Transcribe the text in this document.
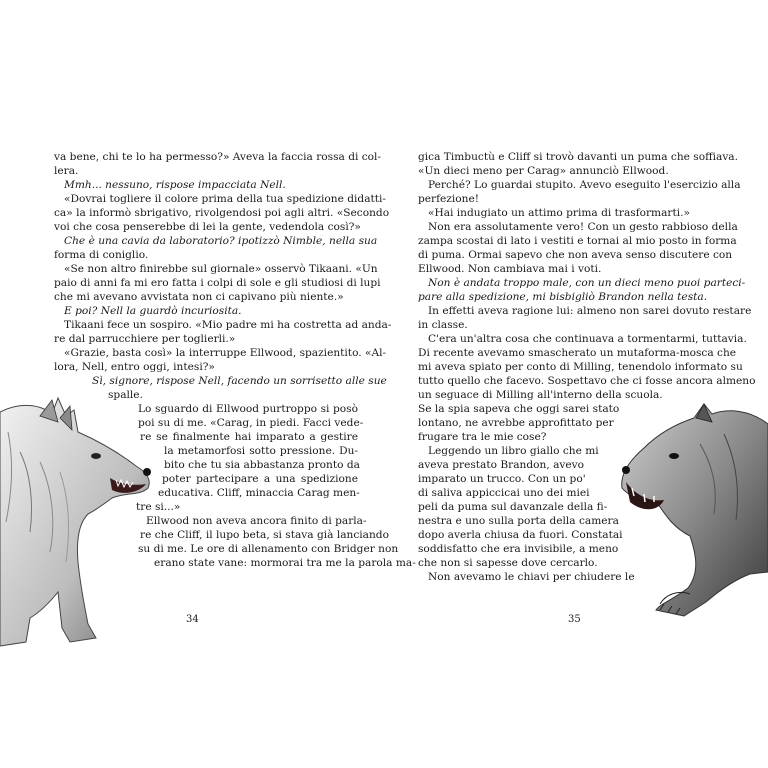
va bene, chi te lo ha permesso?» Aveva la faccia rossa di col-
lera.
Mmh... nessuno, rispose impacciata Nell.
«Dovrai togliere il colore prima della tua spedizione didatti-
ca» la informò sbrigativo, rivolgendosi poi agli altri. «Secondo
voi che cosa penserebbe di lei la gente, vedendola così?»
Che è una cavia da laboratorio? ipotizzò Nimble, nella sua
forma di coniglio.
«Se non altro finirebbe sul giornale» osservò Tikaani. «Un
paio di anni fa mi ero fatta i colpi di sole e gli studiosi di lupi
che mi avevano avvistata non ci capivano più niente.»
E poi? Nell la guardò incuriosita.
Tikaani fece un sospiro. «Mio padre mi ha costretta ad anda-
re dal parrucchiere per toglierli.»
«Grazie, basta così» la interruppe Ellwood, spazientito. «Al-
lora, Nell, entro oggi, intesi?»
Sì, signore, rispose Nell, facendo un sorrisetto alle sue
spalle.
Lo sguardo di Ellwood purtroppo si posò
poi su di me. «Carag, in piedi. Facci vede-
re se finalmente hai imparato a gestire
la metamorfosi sotto pressione. Du-
bito che tu sia abbastanza pronto da
poter partecipare a una spedizione
educativa. Cliff, minaccia Carag men-
tre si...»
Ellwood non aveva ancora finito di parla-
re che Cliff, il lupo beta, si stava già lanciando
su di me. Le ore di allenamento con Bridger non
erano state vane: mormorai tra me la parola ma-
gica Timbuctù e Cliff si trovò davanti un puma che soffiava.
«Un dieci meno per Carag» annunciò Ellwood.
Perché? Lo guardai stupito. Avevo eseguito l'esercizio alla
perfezione!
«Hai indugiato un attimo prima di trasformarti.»
Non era assolutamente vero! Con un gesto rabbioso della
zampa scostai di lato i vestiti e tornai al mio posto in forma
di puma. Ormai sapevo che non aveva senso discutere con
Ellwood. Non cambiava mai i voti.
Non è andata troppo male, con un dieci meno puoi parteci-
pare alla spedizione, mi bisbigliò Brandon nella testa.
In effetti aveva ragione lui: almeno non sarei dovuto restare
in classe.
C'era un'altra cosa che continuava a tormentarmi, tuttavia.
Di recente avevamo smascherato un mutaforma-mosca che
mi aveva spiato per conto di Milling, tenendolo informato su
tutto quello che facevo. Sospettavo che ci fosse ancora almeno
un seguace di Milling all'interno della scuola.
Se la spia sapeva che oggi sarei stato
lontano, ne avrebbe approfittato per
frugare tra le mie cose?
Leggendo un libro giallo che mi
aveva prestato Brandon, avevo
imparato un trucco. Con un po'
di saliva appiccicai uno dei miei
peli da puma sul davanzale della fi-
nestra e uno sulla porta della camera
dopo averla chiusa da fuori. Constatai
soddisfatto che era invisibile, a meno
che non si sapesse dove cercarlo.
Non avevamo le chiavi per chiudere le
34	35
